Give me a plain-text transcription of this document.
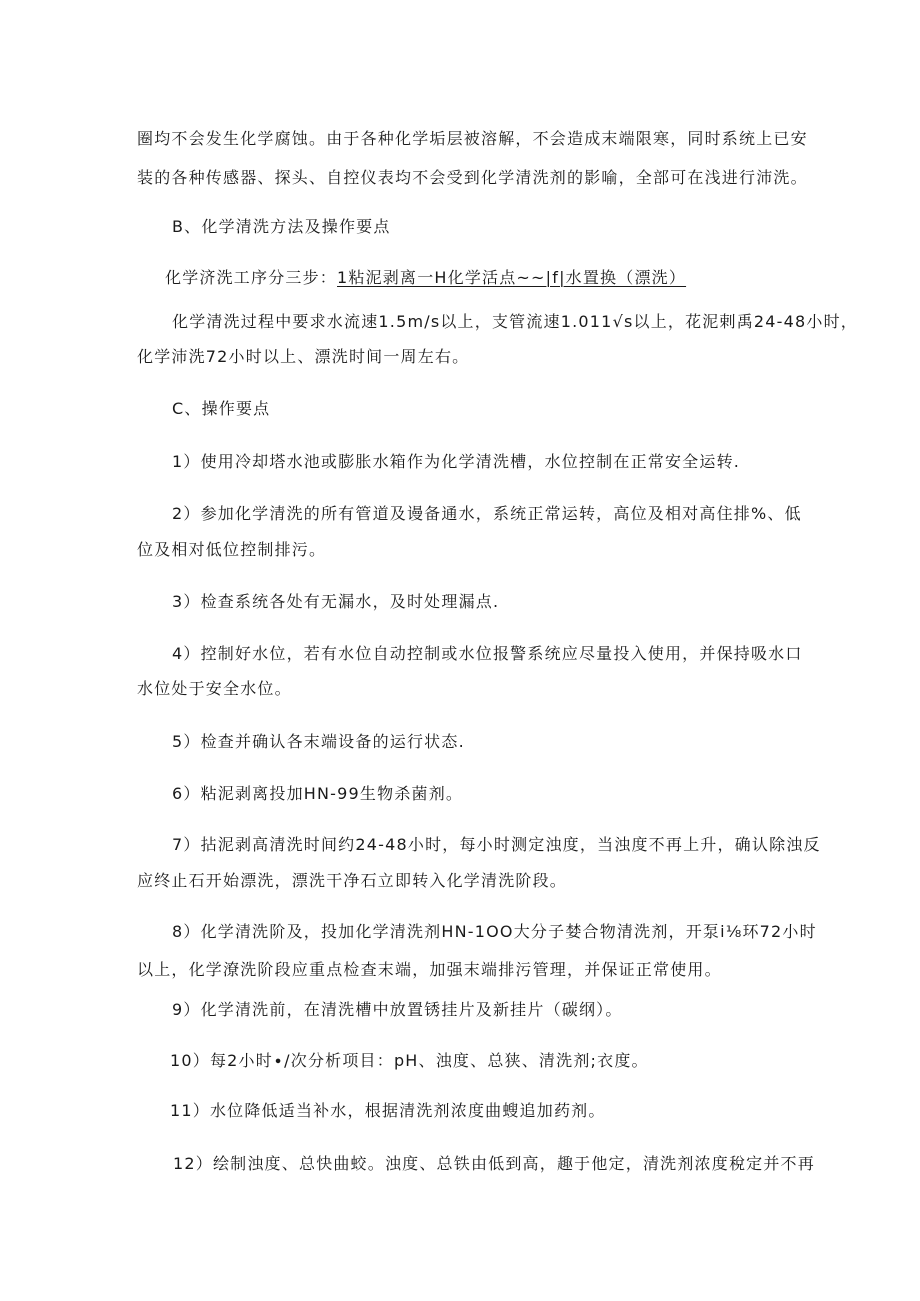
圈均不会发生化学腐蚀。由于各种化学垢层被溶解，不会造成末端限寒，同时系统上已安
装的各种传感器、探头、自控仪表均不会受到化学清洗剂的影喻，全部可在浅进行沛洗。
B、化学清洗方法及操作要点
化学济洗工序分三步：1粘泥剥离一H化学活点~~|f|水置换（漂洗）
化学清洗过程中要求水流速1.5m∕s以上，支管流速1.011√s以上，花泥剌禹24-48小时，
化学沛洗72小时以上、漂洗时间一周左右。
C、操作要点
1）使用冷却塔水池或膨胀水箱作为化学清洗槽，水位控制在正常安全运转.
2）参加化学清洗的所有管道及谩备通水，系统正常运转，高位及相对高住排%、低
位及相对低位控制排污。
3）检查系统各处有无漏水，及时处理漏点.
4）控制好水位，若有水位自动控制或水位报警系统应尽量投入使用，并保持吸水口
水位处于安全水位。
5）检查并确认各末端设备的运行状态.
6）粘泥剥离投加HN-99生物杀菌剂。
7）拈泥剥高清洗时间约24-48小时，每小时测定浊度，当浊度不再上升，确认除浊反
应终止石开始漂洗，漂洗干净石立即转入化学清洗阶段。
8）化学清洗阶及，投加化学清洗剂HN-1OO大分子婪合物清洗剂，开泵i⅛环72小时
以上，化学潦洗阶段应重点检查末端，加强末端排污管理，并保证正常使用。
9）化学清洗前，在清洗槽中放置锈挂片及新挂片（碳纲）。
10）每2小时∙/次分析项目：pH、浊度、总狭、清洗剂;衣度。
11）水位降低适当补水，根据清洗剂浓度曲螋追加药剂。
12）绘制浊度、总快曲蛟。浊度、总铁由低到高，趣于他定，清洗剂浓度稅定并不再
